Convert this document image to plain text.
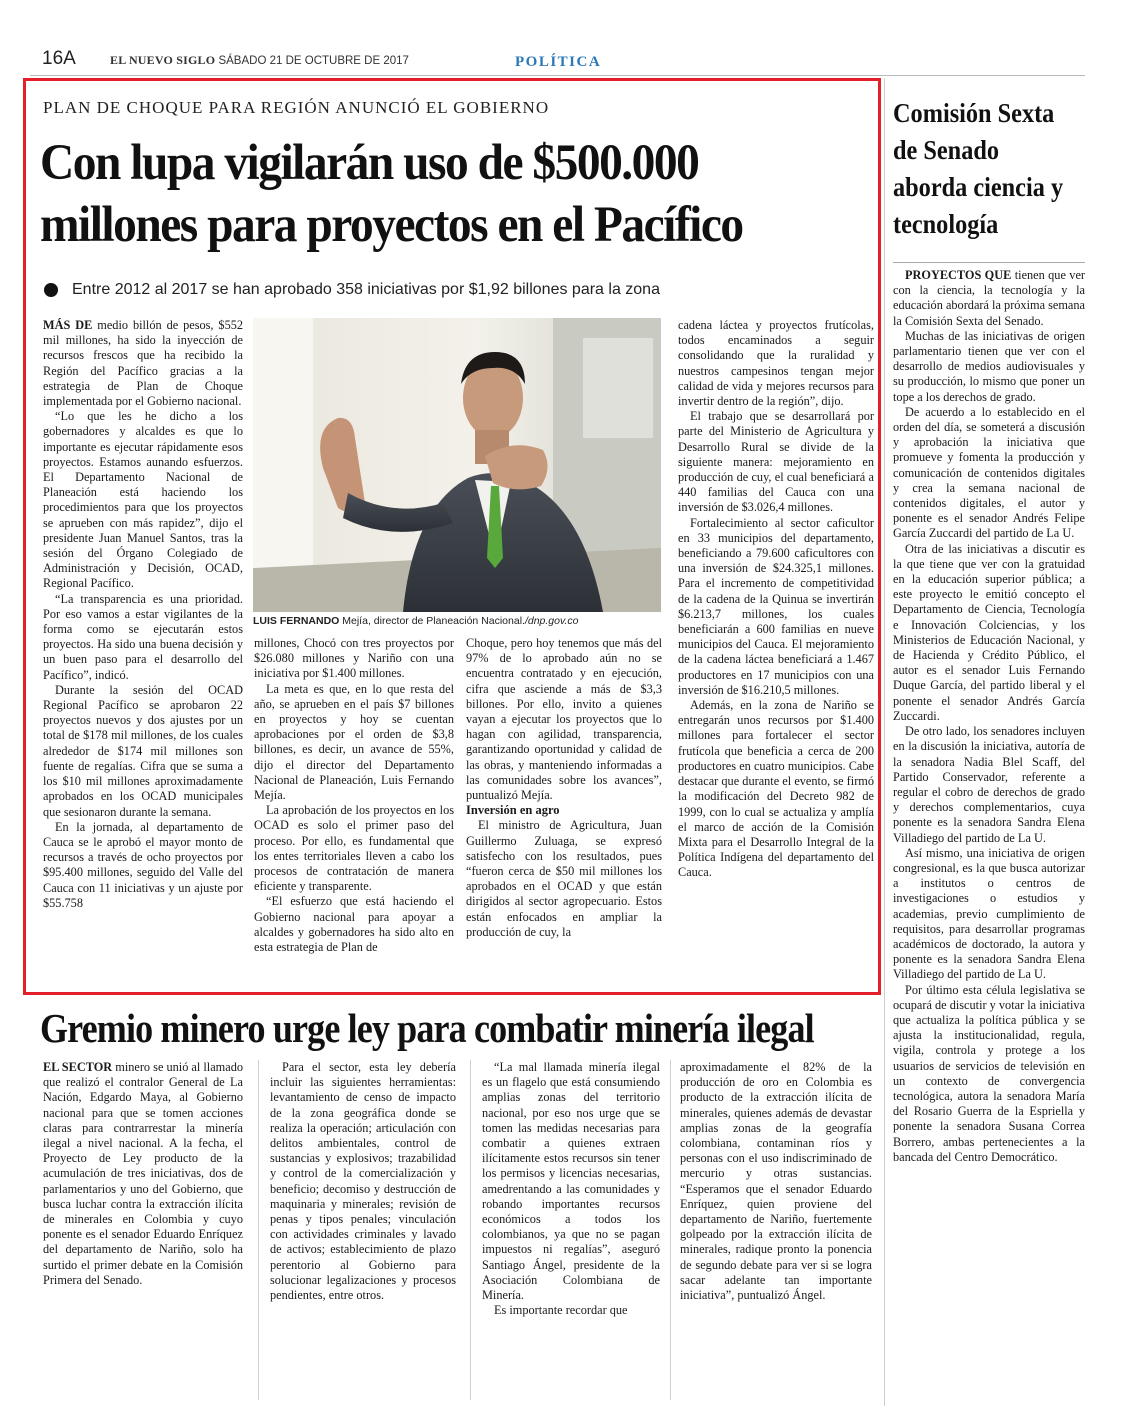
16A	EL NUEVO SIGLO SÁBADO 21 DE OCTUBRE DE 2017	POLÍTICA
PLAN DE CHOQUE PARA REGIÓN ANUNCIÓ EL GOBIERNO
Con lupa vigilarán uso de $500.000
millones para proyectos en el Pacífico
Entre 2012 al 2017 se han aprobado 358 iniciativas por $1,92 billones para la zona

MÁS DE medio billón de pesos, $552 mil millones, ha sido la inyección de recursos frescos que ha recibido la Región del Pacífico gracias a la estrategia de Plan de Choque implementada por el Gobierno nacional.

“Lo que les he dicho a los gobernadores y alcaldes es que lo importante es ejecutar rápidamente esos proyectos. Estamos aunando esfuerzos. El Departamento Nacional de Planeación está haciendo los procedimientos para que los proyectos se aprueben con más rapidez”, dijo el presidente Juan Manuel Santos, tras la sesión del Órgano Colegiado de Administración y Decisión, OCAD, Regional Pacífico.

“La transparencia es una prioridad. Por eso vamos a estar vigilantes de la forma como se ejecutarán estos proyectos. Ha sido una buena decisión y un buen paso para el desarrollo del Pacífico”, indicó.

Durante la sesión del OCAD Regional Pacífico se aprobaron 22 proyectos nuevos y dos ajustes por un total de $178 mil millones, de los cuales alrededor de $174 mil millones son fuente de regalías. Cifra que se suma a los $10 mil millones aproximadamente aprobados en los OCAD municipales que sesionaron durante la semana.

En la jornada, al departamento de Cauca se le aprobó el mayor monto de recursos a través de ocho proyectos por $95.400 millones, seguido del Valle del Cauca con 11 iniciativas y un ajuste por $55.758

LUIS FERNANDO Mejía, director de Planeación Nacional./dnp.gov.co

millones, Chocó con tres proyectos por $26.080 millones y Nariño con una iniciativa por $1.400 millones.

La meta es que, en lo que resta del año, se aprueben en el país $7 billones en proyectos y hoy se cuentan aprobaciones por el orden de $3,8 billones, es decir, un avance de 55%, dijo el director del Departamento Nacional de Planeación, Luis Fernando Mejía.

La aprobación de los proyectos en los OCAD es solo el primer paso del proceso. Por ello, es fundamental que los entes territoriales lleven a cabo los procesos de contratación de manera eficiente y transparente.

“El esfuerzo que está haciendo el Gobierno nacional para apoyar a alcaldes y gobernadores ha sido alto en esta estrategia de Plan de

Choque, pero hoy tenemos que más del 97% de lo aprobado aún no se encuentra contratado y en ejecución, cifra que asciende a más de $3,3 billones. Por ello, invito a quienes vayan a ejecutar los proyectos que lo hagan con agilidad, transparencia, garantizando oportunidad y calidad de las obras, y manteniendo informadas a las comunidades sobre los avances”, puntualizó Mejía.

Inversión en agro

El ministro de Agricultura, Juan Guillermo Zuluaga, se expresó satisfecho con los resultados, pues “fueron cerca de $50 mil millones los aprobados en el OCAD y que están dirigidos al sector agropecuario. Estos están enfocados en ampliar la producción de cuy, la

cadena láctea y proyectos frutícolas, todos encaminados a seguir consolidando que la ruralidad y nuestros campesinos tengan mejor calidad de vida y mejores recursos para invertir dentro de la región”, dijo.

El trabajo que se desarrollará por parte del Ministerio de Agricultura y Desarrollo Rural se divide de la siguiente manera: mejoramiento en producción de cuy, el cual beneficiará a 440 familias del Cauca con una inversión de $3.026,4 millones.

Fortalecimiento al sector caficultor en 33 municipios del departamento, beneficiando a 79.600 caficultores con una inversión de $24.325,1 millones. Para el incremento de competitividad de la cadena de la Quinua se invertirán $6.213,7 millones, los cuales beneficiarán a 600 familias en nueve municipios del Cauca. El mejoramiento de la cadena láctea beneficiará a 1.467 productores en 17 municipios con una inversión de $16.210,5 millones.

Además, en la zona de Nariño se entregarán unos recursos por $1.400 millones para fortalecer el sector frutícola que beneficia a cerca de 200 productores en cuatro municipios. Cabe destacar que durante el evento, se firmó la modificación del Decreto 982 de 1999, con lo cual se actualiza y amplía el marco de acción de la Comisión Mixta para el Desarrollo Integral de la Política Indígena del departamento del Cauca.

Comisión Sexta de Senado aborda ciencia y tecnología

PROYECTOS QUE tienen que ver con la ciencia, la tecnología y la educación abordará la próxima semana la Comisión Sexta del Senado.

Muchas de las iniciativas de origen parlamentario tienen que ver con el desarrollo de medios audiovisuales y su producción, lo mismo que poner un tope a los derechos de grado.

De acuerdo a lo establecido en el orden del día, se someterá a discusión y aprobación la iniciativa que promueve y fomenta la producción y comunicación de contenidos digitales y crea la semana nacional de contenidos digitales, el autor y ponente es el senador Andrés Felipe García Zuccardi del partido de La U.

Otra de las iniciativas a discutir es la que tiene que ver con la gratuidad en la educación superior pública; a este proyecto le emitió concepto el Departamento de Ciencia, Tecnología e Innovación Colciencias, y los Ministerios de Educación Nacional, y de Hacienda y Crédito Público, el autor es el senador Luis Fernando Duque García, del partido liberal y el ponente el senador Andrés García Zuccardi.

De otro lado, los senadores incluyen en la discusión la iniciativa, autoría de la senadora Nadia Blel Scaff, del Partido Conservador, referente a regular el cobro de derechos de grado y derechos complementarios, cuya ponente es la senadora Sandra Elena Villadiego del partido de La U.

Así mismo, una iniciativa de origen congresional, es la que busca autorizar a institutos o centros de investigaciones o estudios y academias, previo cumplimiento de requisitos, para desarrollar programas académicos de doctorado, la autora y ponente es la senadora Sandra Elena Villadiego del partido de La U.

Por último esta célula legislativa se ocupará de discutir y votar la iniciativa que actualiza la política pública y se ajusta la institucionalidad, regula, vigila, controla y protege a los usuarios de servicios de televisión en un contexto de convergencia tecnológica, autora la senadora María del Rosario Guerra de la Espriella y ponente la senadora Susana Correa Borrero, ambas pertenecientes a la bancada del Centro Democrático.

Gremio minero urge ley para combatir minería ilegal

EL SECTOR minero se unió al llamado que realizó el contralor General de La Nación, Edgardo Maya, al Gobierno nacional para que se tomen acciones claras para contrarrestar la minería ilegal a nivel nacional. A la fecha, el Proyecto de Ley producto de la acumulación de tres iniciativas, dos de parlamentarios y uno del Gobierno, que busca luchar contra la extracción ilícita de minerales en Colombia y cuyo ponente es el senador Eduardo Enríquez del departamento de Nariño, solo ha surtido el primer debate en la Comisión Primera del Senado.

Para el sector, esta ley debería incluir las siguientes herramientas: levantamiento de censo de impacto de la zona geográfica donde se realiza la operación; articulación con delitos ambientales, control de sustancias y explosivos; trazabilidad y control de la comercialización y beneficio; decomiso y destrucción de maquinaria y minerales; revisión de penas y tipos penales; vinculación con actividades criminales y lavado de activos; establecimiento de plazo perentorio al Gobierno para solucionar legalizaciones y procesos pendientes, entre otros.

“La mal llamada minería ilegal es un flagelo que está consumiendo amplias zonas del territorio nacional, por eso nos urge que se tomen las medidas necesarias para combatir a quienes extraen ilícitamente estos recursos sin tener los permisos y licencias necesarias, amedrentando a las comunidades y robando importantes recursos económicos a todos los colombianos, ya que no se pagan impuestos ni regalías”, aseguró Santiago Ángel, presidente de la Asociación Colombiana de Minería.

Es importante recordar que

aproximadamente el 82% de la producción de oro en Colombia es producto de la extracción ilícita de minerales, quienes además de devastar amplias zonas de la geografía colombiana, contaminan ríos y personas con el uso indiscriminado de mercurio y otras sustancias. “Esperamos que el senador Eduardo Enríquez, quien proviene del departamento de Nariño, fuertemente golpeado por la extracción ilícita de minerales, radique pronto la ponencia de segundo debate para ver si se logra sacar adelante tan importante iniciativa”, puntualizó Ángel.
